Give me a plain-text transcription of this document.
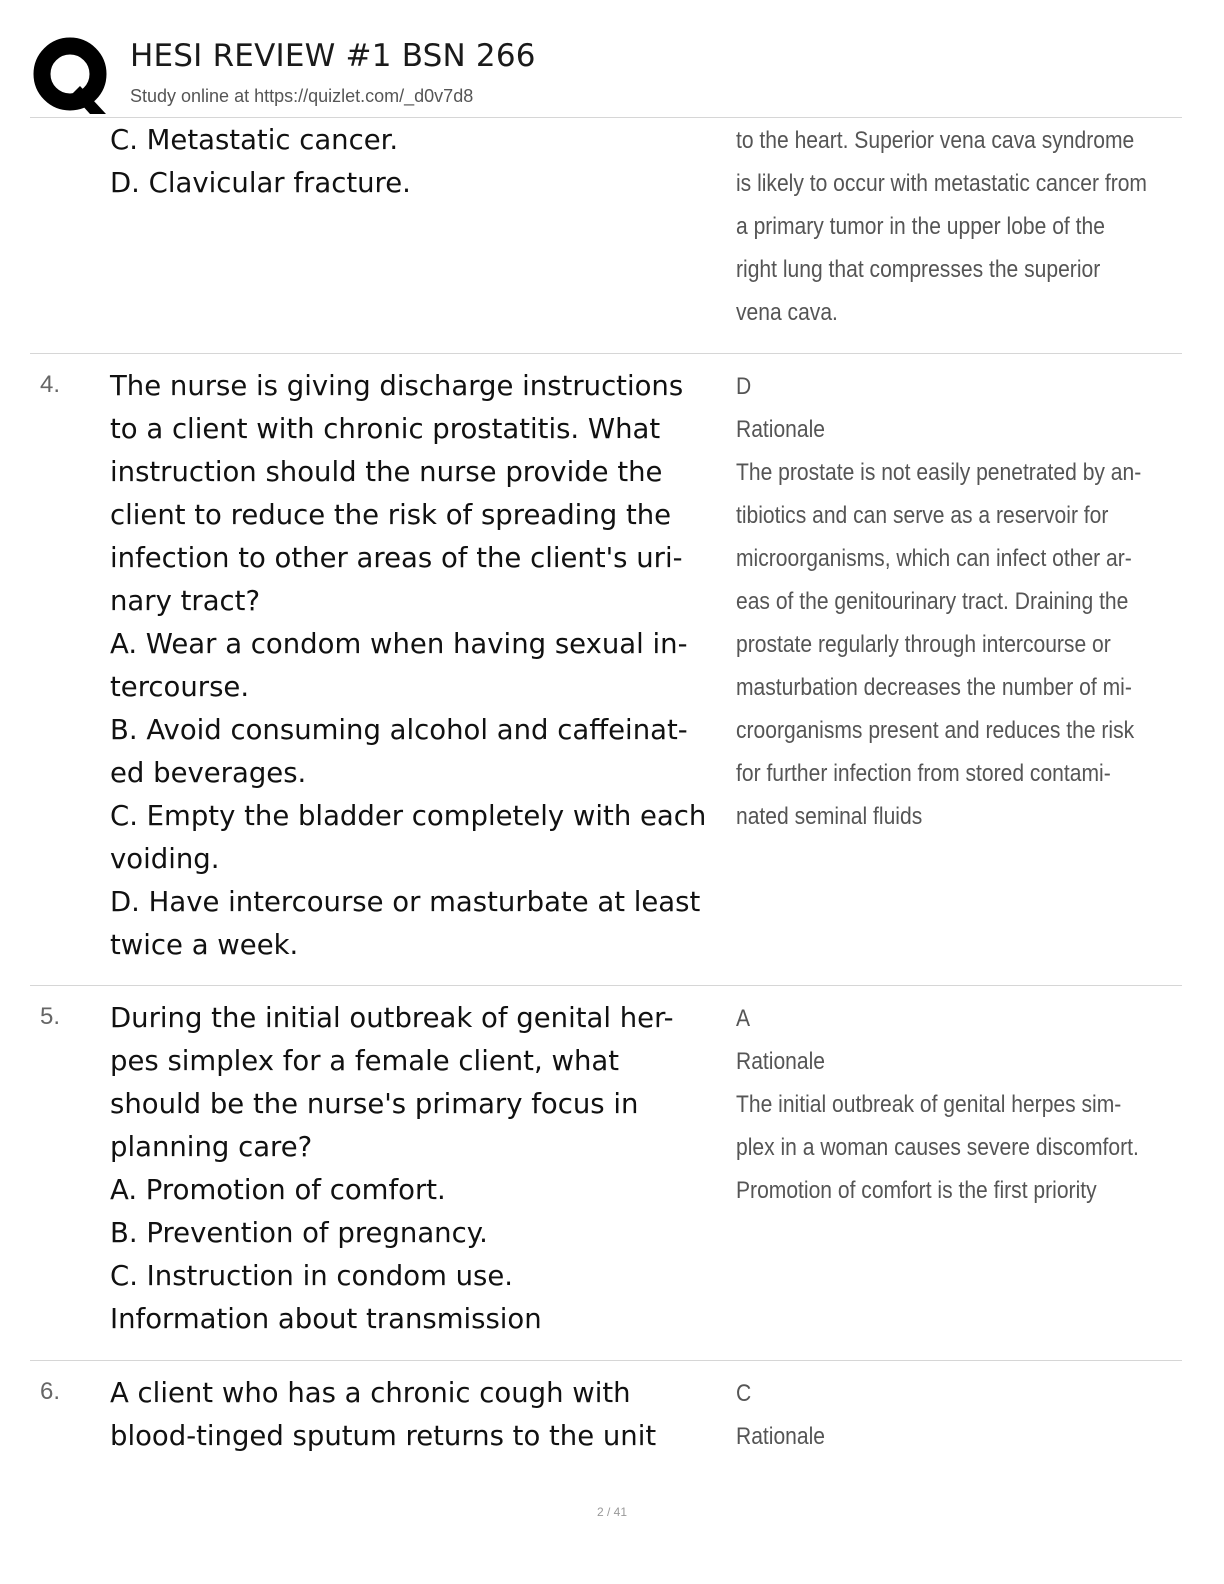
HESI REVIEW #1 BSN 266
Study online at https://quizlet.com/_d0v7d8
C. Metastatic cancer.
D. Clavicular fracture.
to the heart. Superior vena cava syndrome
is likely to occur with metastatic cancer from
a primary tumor in the upper lobe of the
right lung that compresses the superior
vena cava.
4. The nurse is giving discharge instructions
to a client with chronic prostatitis. What
instruction should the nurse provide the
client to reduce the risk of spreading the
infection to other areas of the client's uri-
nary tract?
A. Wear a condom when having sexual in-
tercourse.
B. Avoid consuming alcohol and caffeinat-
ed beverages.
C. Empty the bladder completely with each
voiding.
D. Have intercourse or masturbate at least
twice a week.
D
Rationale
The prostate is not easily penetrated by an-
tibiotics and can serve as a reservoir for
microorganisms, which can infect other ar-
eas of the genitourinary tract. Draining the
prostate regularly through intercourse or
masturbation decreases the number of mi-
croorganisms present and reduces the risk
for further infection from stored contami-
nated seminal fluids
5. During the initial outbreak of genital her-
pes simplex for a female client, what
should be the nurse's primary focus in
planning care?
A. Promotion of comfort.
B. Prevention of pregnancy.
C. Instruction in condom use.
Information about transmission
A
Rationale
The initial outbreak of genital herpes sim-
plex in a woman causes severe discomfort.
Promotion of comfort is the first priority
6. A client who has a chronic cough with
blood-tinged sputum returns to the unit
C
Rationale
2 / 41
